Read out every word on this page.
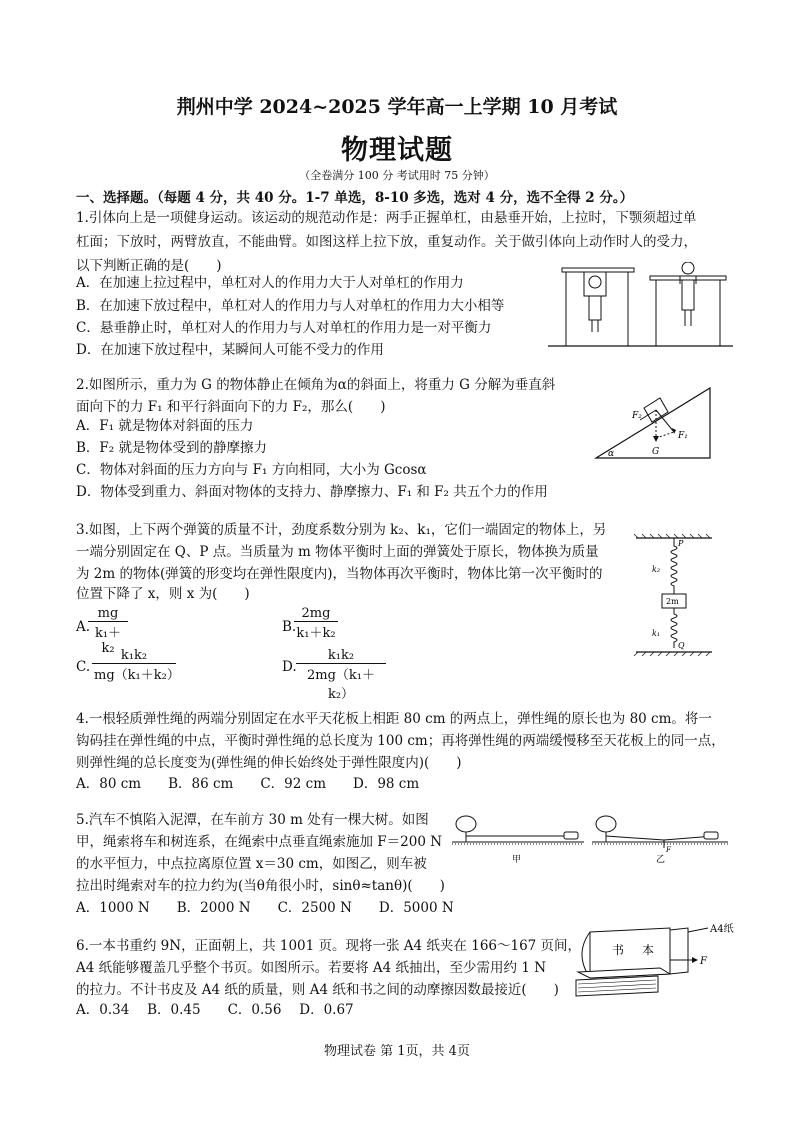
荆州中学 2024~2025 学年高一上学期 10 月考试
物理试题
（全卷满分 100 分 考试用时 75 分钟）
一、选择题。（每题 4 分，共 40 分。1-7 单选，8-10 多选，选对 4 分，选不全得 2 分。）
1.引体向上是一项健身运动。该运动的规范动作是：两手正握单杠，由悬垂开始，上拉时，下颚须超过单
杠面；下放时，两臂放直，不能曲臂。如图这样上拉下放，重复动作。关于做引体向上动作时人的受力，
以下判断正确的是(　　)
A．在加速上拉过程中，单杠对人的作用力大于人对单杠的作用力
B．在加速下放过程中，单杠对人的作用力与人对单杠的作用力大小相等
C．悬垂静止时，单杠对人的作用力与人对单杠的作用力是一对平衡力
D．在加速下放过程中，某瞬间人可能不受力的作用
2.如图所示，重力为 G 的物体静止在倾角为α的斜面上，将重力 G 分解为垂直斜
面向下的力 F₁ 和平行斜面向下的力 F₂，那么(　　)
A．F₁ 就是物体对斜面的压力
B．F₂ 就是物体受到的静摩擦力
C．物体对斜面的压力方向与 F₁ 方向相同，大小为 Gcosα
D．物体受到重力、斜面对物体的支持力、静摩擦力、F₁ 和 F₂ 共五个力的作用
F₂
F₁
G
α
3.如图，上下两个弹簧的质量不计，劲度系数分别为 k₂、k₁，它们一端固定的物体上，另
一端分别固定在 Q、P 点。当质量为 m 物体平衡时上面的弹簧处于原长，物体换为质量
为 2m 的物体(弹簧的形变均在弹性限度内)，当物体再次平衡时，物体比第一次平衡时的
位置下降了 x，则 x 为(　　)
A.
mg
k₁＋k₂
B.
2mg
k₁＋k₂
C.
k₁k₂
mg（k₁＋k₂）
D.
k₁k₂
2mg（k₁＋k₂）
P
k₂
2m
k₁
Q
4.一根轻质弹性绳的两端分别固定在水平天花板上相距 80 cm 的两点上，弹性绳的原长也为 80 cm。将一
钩码挂在弹性绳的中点，平衡时弹性绳的总长度为 100 cm；再将弹性绳的两端缓慢移至天花板上的同一点，
则弹性绳的总长度变为(弹性绳的伸长始终处于弹性限度内)(　　)
A．80 cm　　B．86 cm　　C．92 cm　　D．98 cm
5.汽车不慎陷入泥潭，在车前方 30 m 处有一棵大树。如图
甲，绳索将车和树连系，在绳索中点垂直绳索施加 F＝200 N
的水平恒力，中点拉离原位置 x＝30 cm，如图乙，则车被
拉出时绳索对车的拉力约为(当θ角很小时，sinθ≈tanθ)(　　)
A．1000 N　　B．2000 N　　C．2500 N　　D．5000 N
甲
F
乙
6.一本书重约 9N，正面朝上，共 1001 页。现将一张 A4 纸夹在 166～167 页间，
A4 纸能够覆盖几乎整个书页。如图所示。若要将 A4 纸抽出，至少需用约 1 N
的拉力。不计书皮及 A4 纸的质量，则 A4 纸和书之间的动摩擦因数最接近(　　)
A．0.34　 B．0.45　　C．0.56　 D．0.67
A4纸
F
书 本
物理试卷 第 1页，共 4页
